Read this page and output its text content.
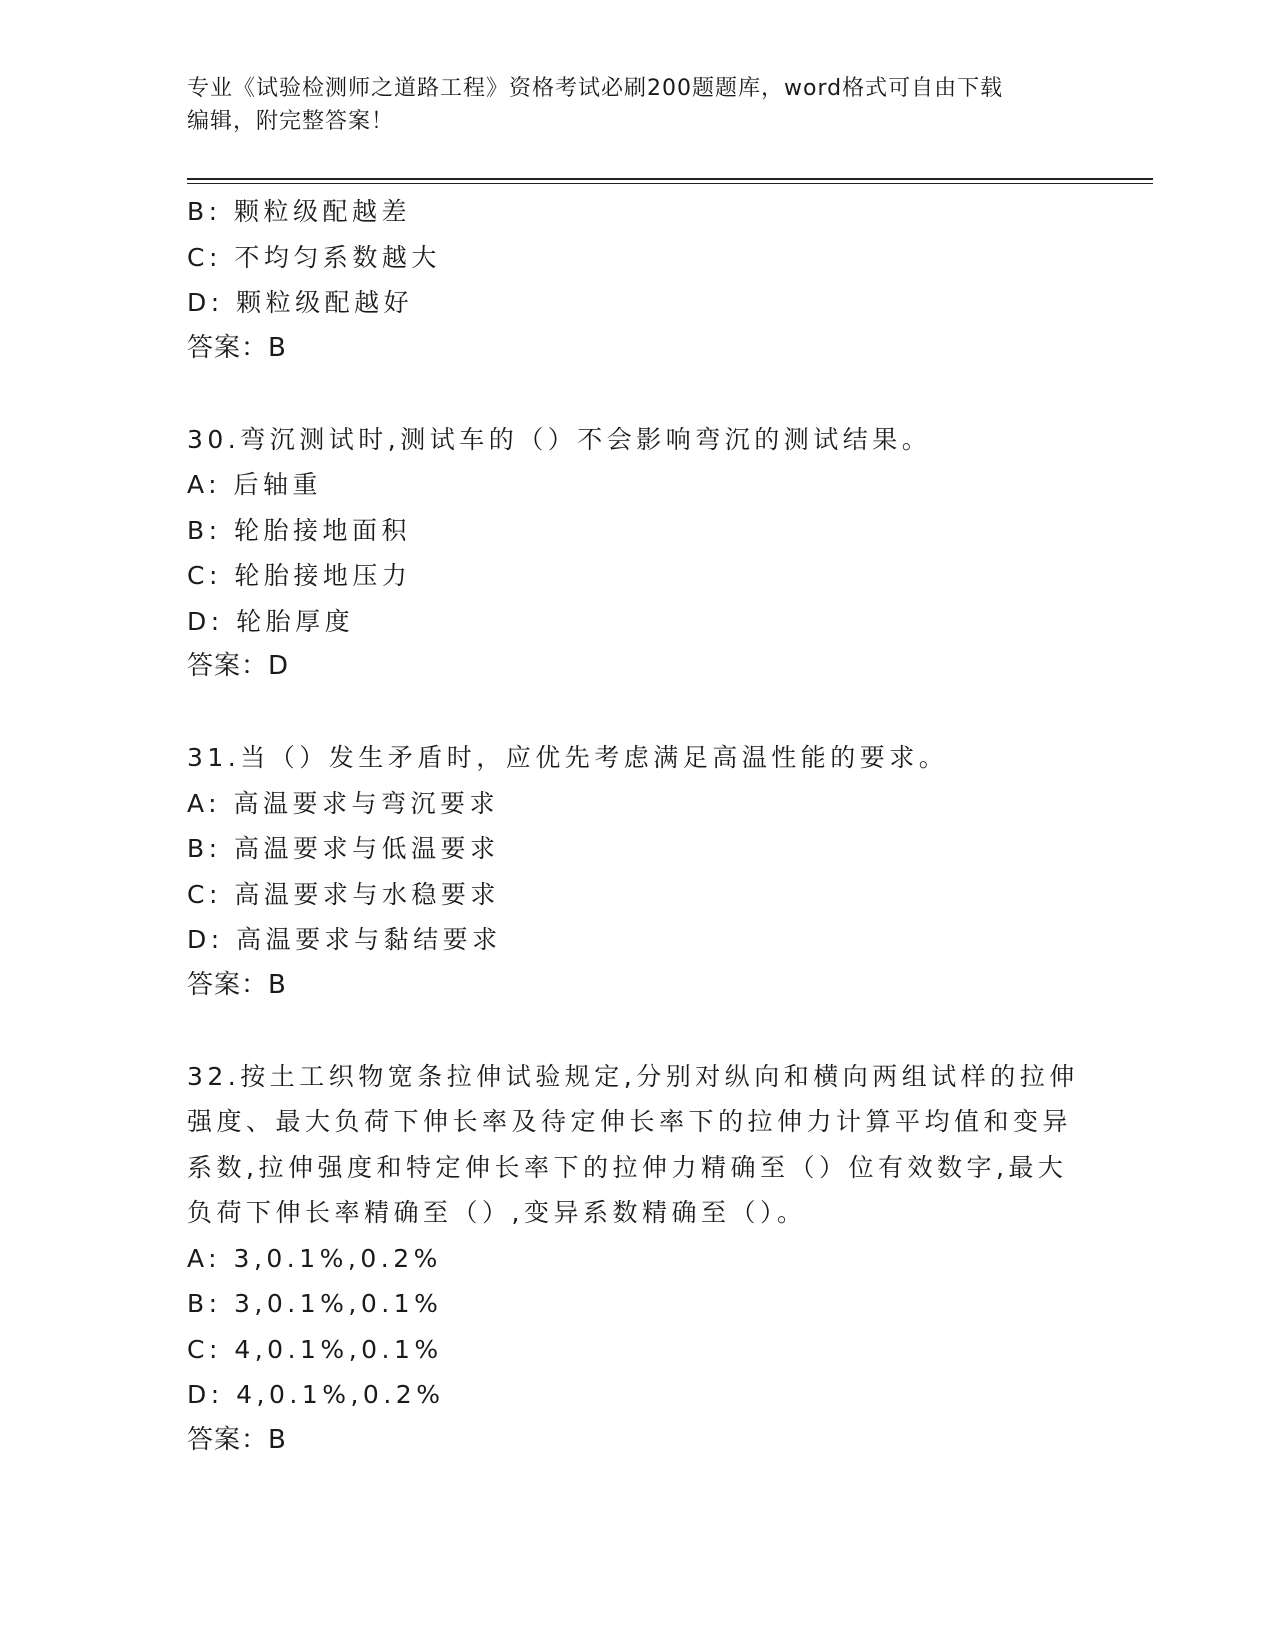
专业《试验检测师之道路工程》资格考试必刷200题题库，word格式可自由下载
编辑，附完整答案！
B: 颗粒级配越差
C: 不均匀系数越大
D: 颗粒级配越好
答案：B
30.弯沉测试时,测试车的（）不会影响弯沉的测试结果。
A: 后轴重
B: 轮胎接地面积
C: 轮胎接地压力
D: 轮胎厚度
答案：D
31.当（）发生矛盾时，应优先考虑满足高温性能的要求。
A: 高温要求与弯沉要求
B: 高温要求与低温要求
C: 高温要求与水稳要求
D: 高温要求与黏结要求
答案：B
32.按土工织物宽条拉伸试验规定,分别对纵向和横向两组试样的拉伸
强度、最大负荷下伸长率及待定伸长率下的拉伸力计算平均值和变异
系数,拉伸强度和特定伸长率下的拉伸力精确至（）位有效数字,最大
负荷下伸长率精确至（）,变异系数精确至（）。
A: 3,0.1%,0.2%
B: 3,0.1%,0.1%
C: 4,0.1%,0.1%
D: 4,0.1%,0.2%
答案：B
